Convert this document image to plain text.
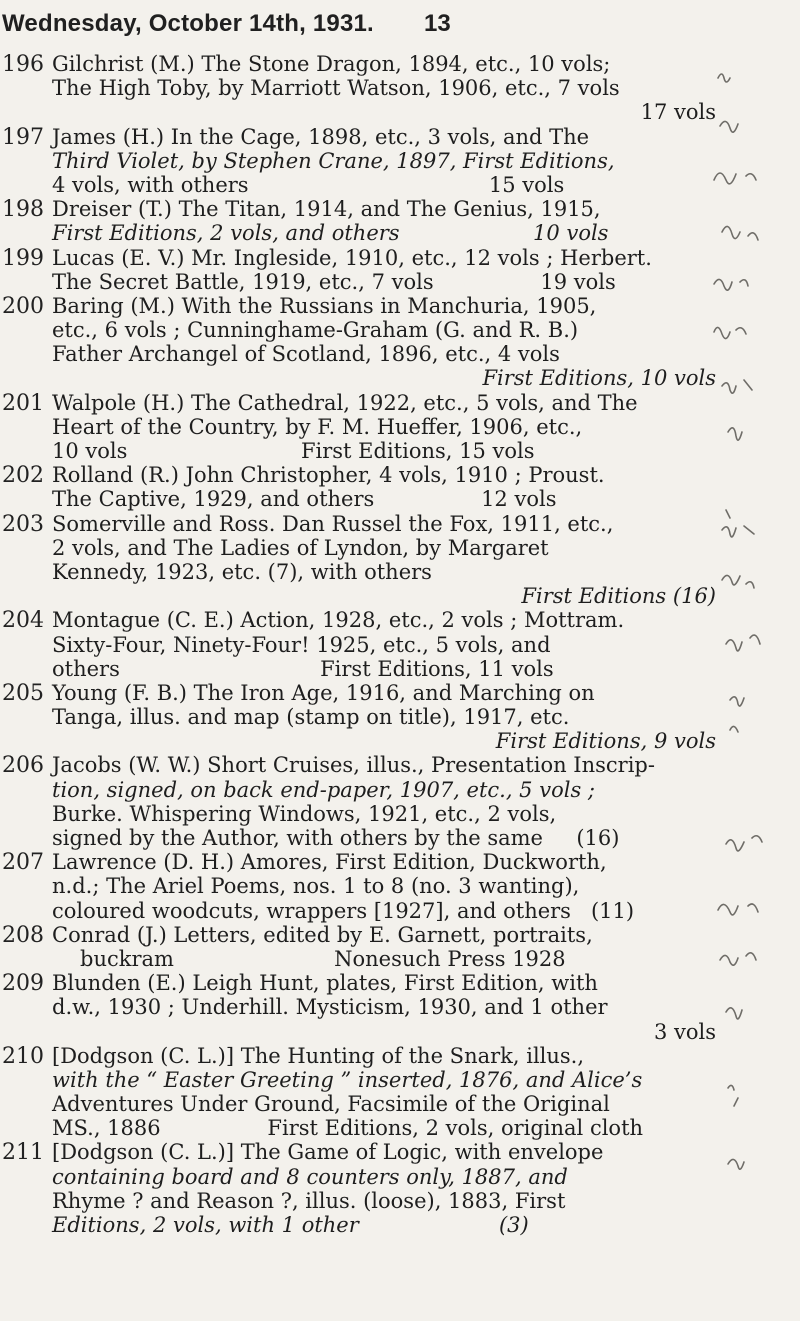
Wednesday, October 14th, 1931. 13
196 Gilchrist (M.) The Stone Dragon, 1894, etc., 10 vols;
The High Toby, by Marriott Watson, 1906, etc., 7 vols
17 vols
197 James (H.) In the Cage, 1898, etc., 3 vols, and The
Third Violet, by Stephen Crane, 1897, First Editions,
4 vols, with others                                    15 vols
198 Dreiser (T.) The Titan, 1914, and The Genius, 1915,
First Editions, 2 vols, and others                    10 vols
199 Lucas (E. V.) Mr. Ingleside, 1910, etc., 12 vols ; Herbert.
The Secret Battle, 1919, etc., 7 vols                19 vols
200 Baring (M.) With the Russians in Manchuria, 1905,
etc., 6 vols ; Cunninghame-Graham (G. and R. B.)
Father Archangel of Scotland, 1896, etc., 4 vols
First Editions, 10 vols
201 Walpole (H.) The Cathedral, 1922, etc., 5 vols, and The
Heart of the Country, by F. M. Hueffer, 1906, etc.,
10 vols                          First Editions, 15 vols
202 Rolland (R.) John Christopher, 4 vols, 1910 ; Proust.
The Captive, 1929, and others                12 vols
203 Somerville and Ross. Dan Russel the Fox, 1911, etc.,
2 vols, and The Ladies of Lyndon, by Margaret
Kennedy, 1923, etc. (7), with others
First Editions (16)
204 Montague (C. E.) Action, 1928, etc., 2 vols ; Mottram.
Sixty-Four, Ninety-Four! 1925, etc., 5 vols, and
others                              First Editions, 11 vols
205 Young (F. B.) The Iron Age, 1916, and Marching on
Tanga, illus. and map (stamp on title), 1917, etc.
First Editions, 9 vols
206 Jacobs (W. W.) Short Cruises, illus., Presentation Inscrip-
tion, signed, on back end-paper, 1907, etc., 5 vols ;
Burke. Whispering Windows, 1921, etc., 2 vols,
signed by the Author, with others by the same     (16)
207 Lawrence (D. H.) Amores, First Edition, Duckworth,
n.d.; The Ariel Poems, nos. 1 to 8 (no. 3 wanting),
coloured woodcuts, wrappers [1927], and others   (11)
208 Conrad (J.) Letters, edited by E. Garnett, portraits,
buckram                        Nonesuch Press 1928
209 Blunden (E.) Leigh Hunt, plates, First Edition, with
d.w., 1930 ; Underhill. Mysticism, 1930, and 1 other
3 vols
210 [Dodgson (C. L.)] The Hunting of the Snark, illus.,
with the “ Easter Greeting ” inserted, 1876, and Alice’s
Adventures Under Ground, Facsimile of the Original
MS., 1886                First Editions, 2 vols, original cloth
211 [Dodgson (C. L.)] The Game of Logic, with envelope
containing board and 8 counters only, 1887, and
Rhyme ? and Reason ?, illus. (loose), 1883, First
Editions, 2 vols, with 1 other                     (3)
